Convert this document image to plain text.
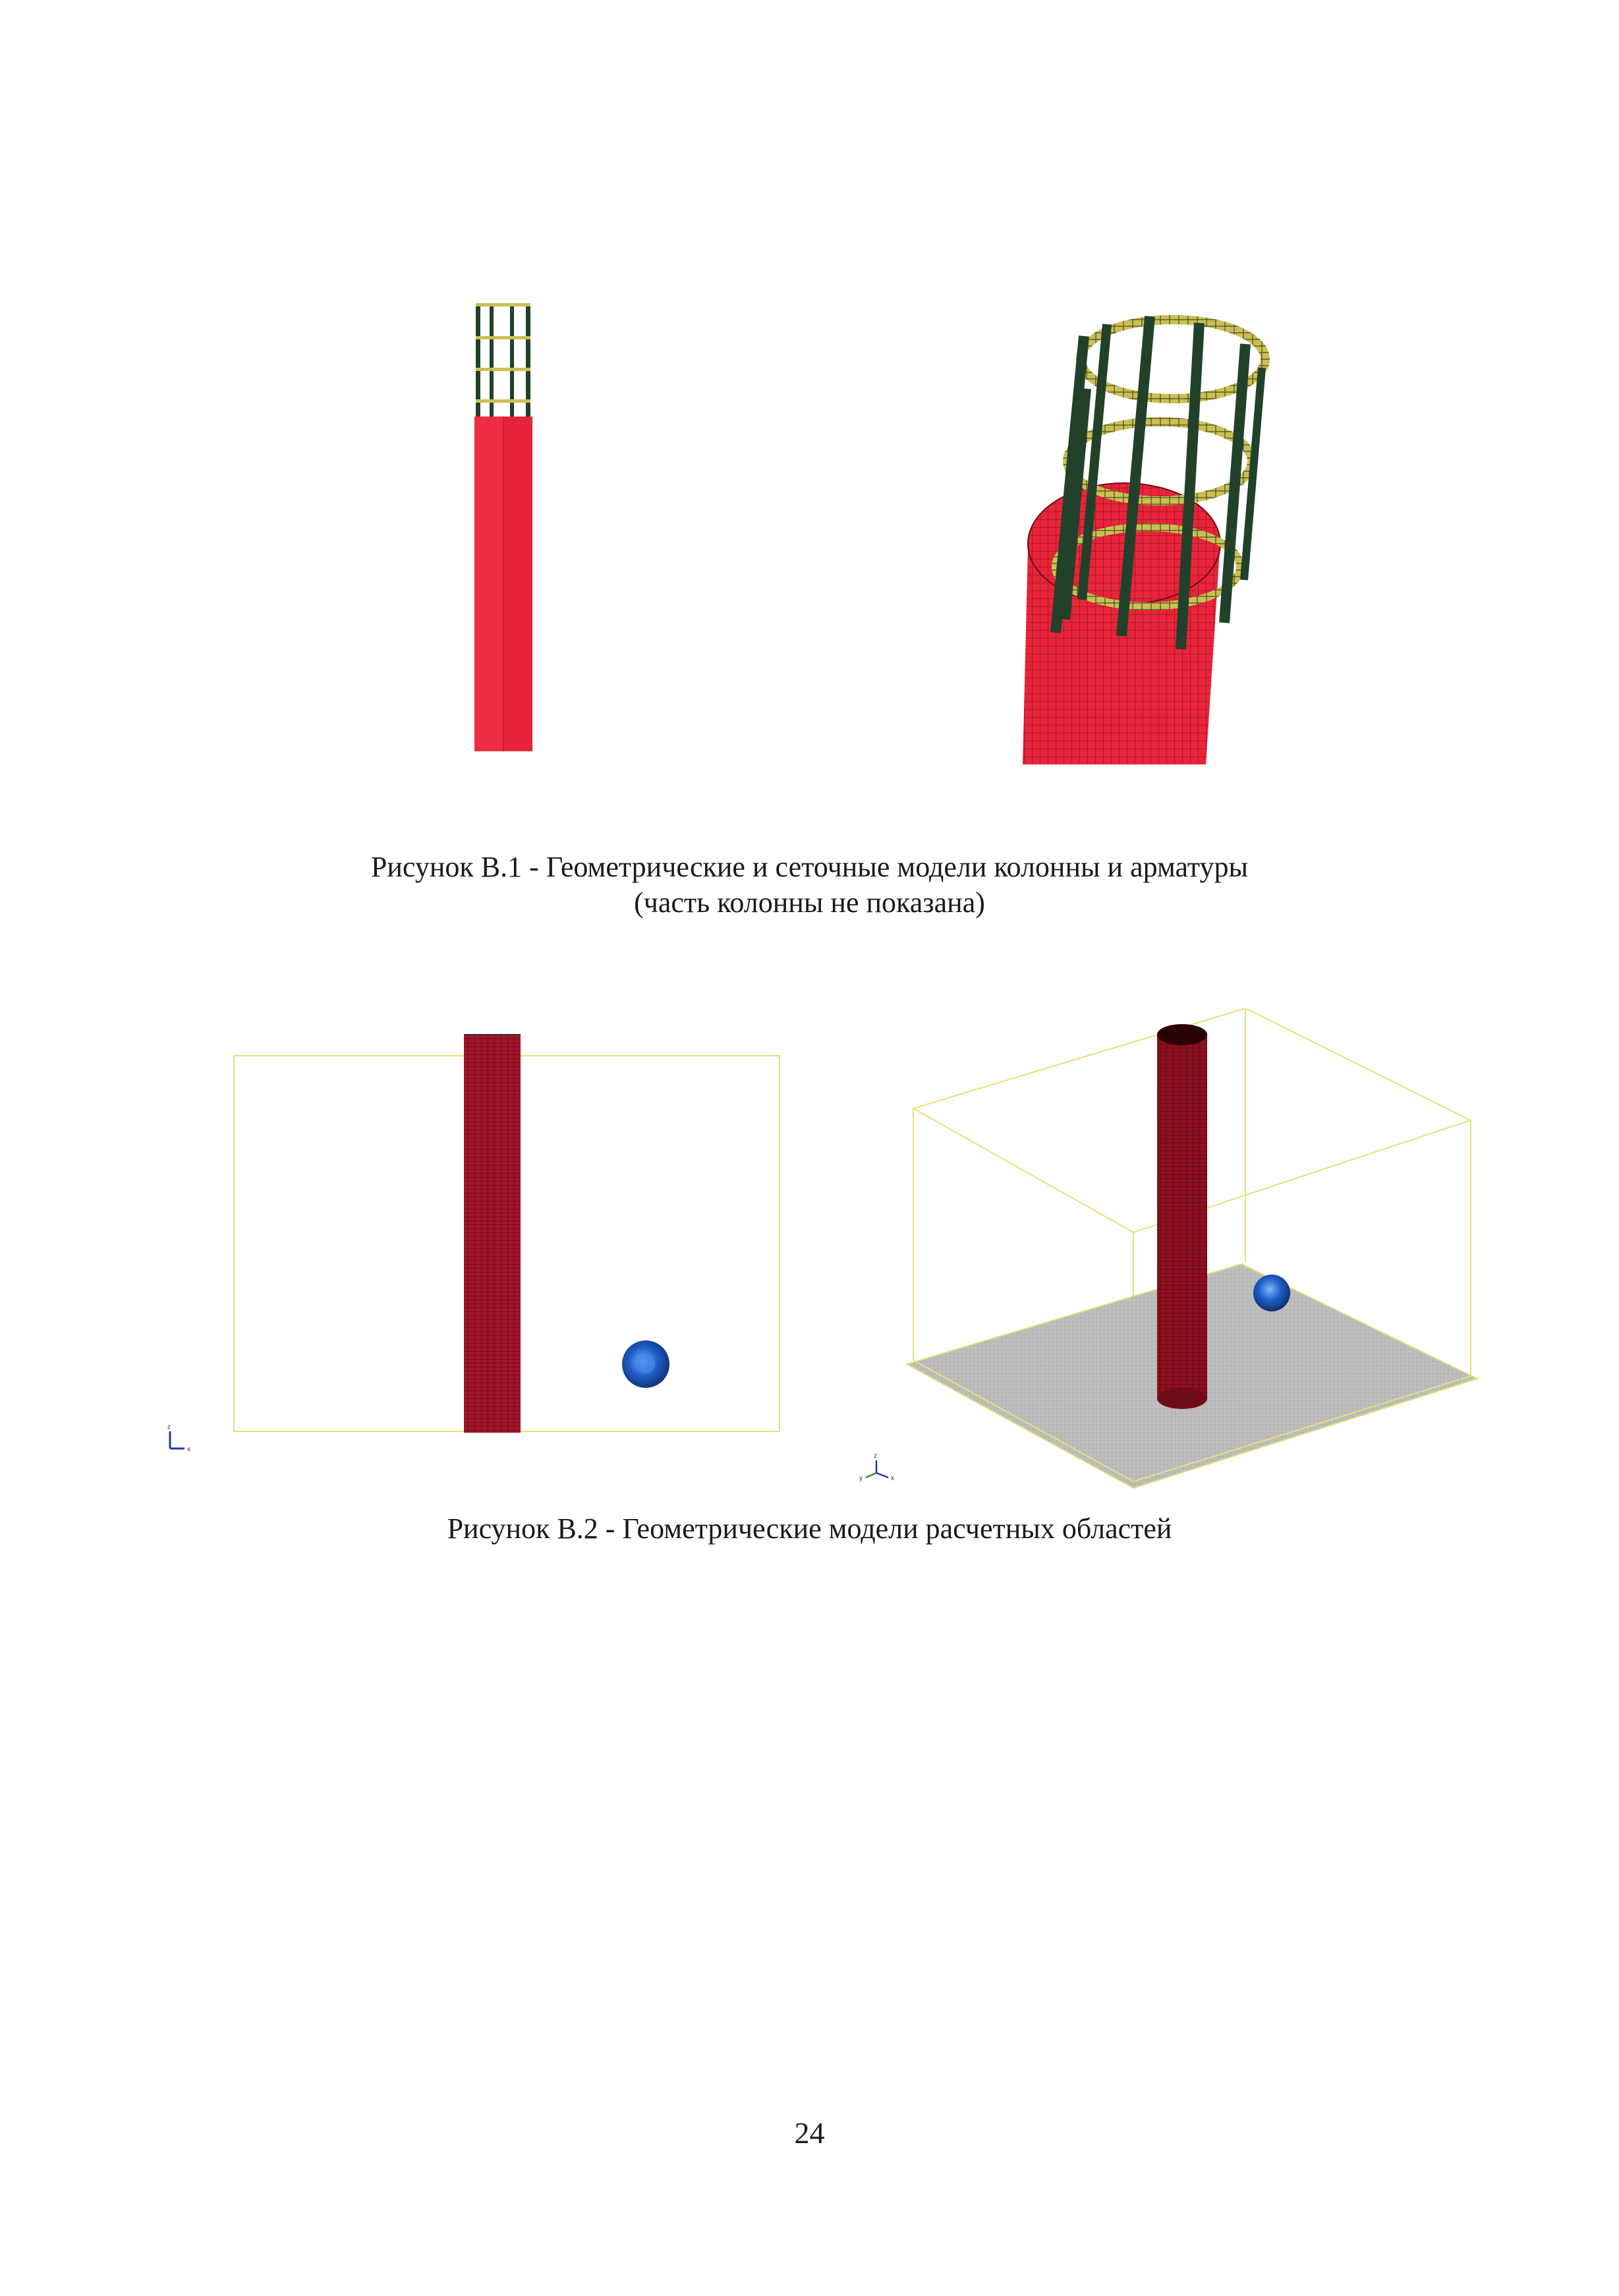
Рисунок В.1 - Геометрические и сеточные модели колонны и арматуры
(часть колонны не показана)
z
x
z
x
y
Рисунок В.2 - Геометрические модели расчетных областей
24
